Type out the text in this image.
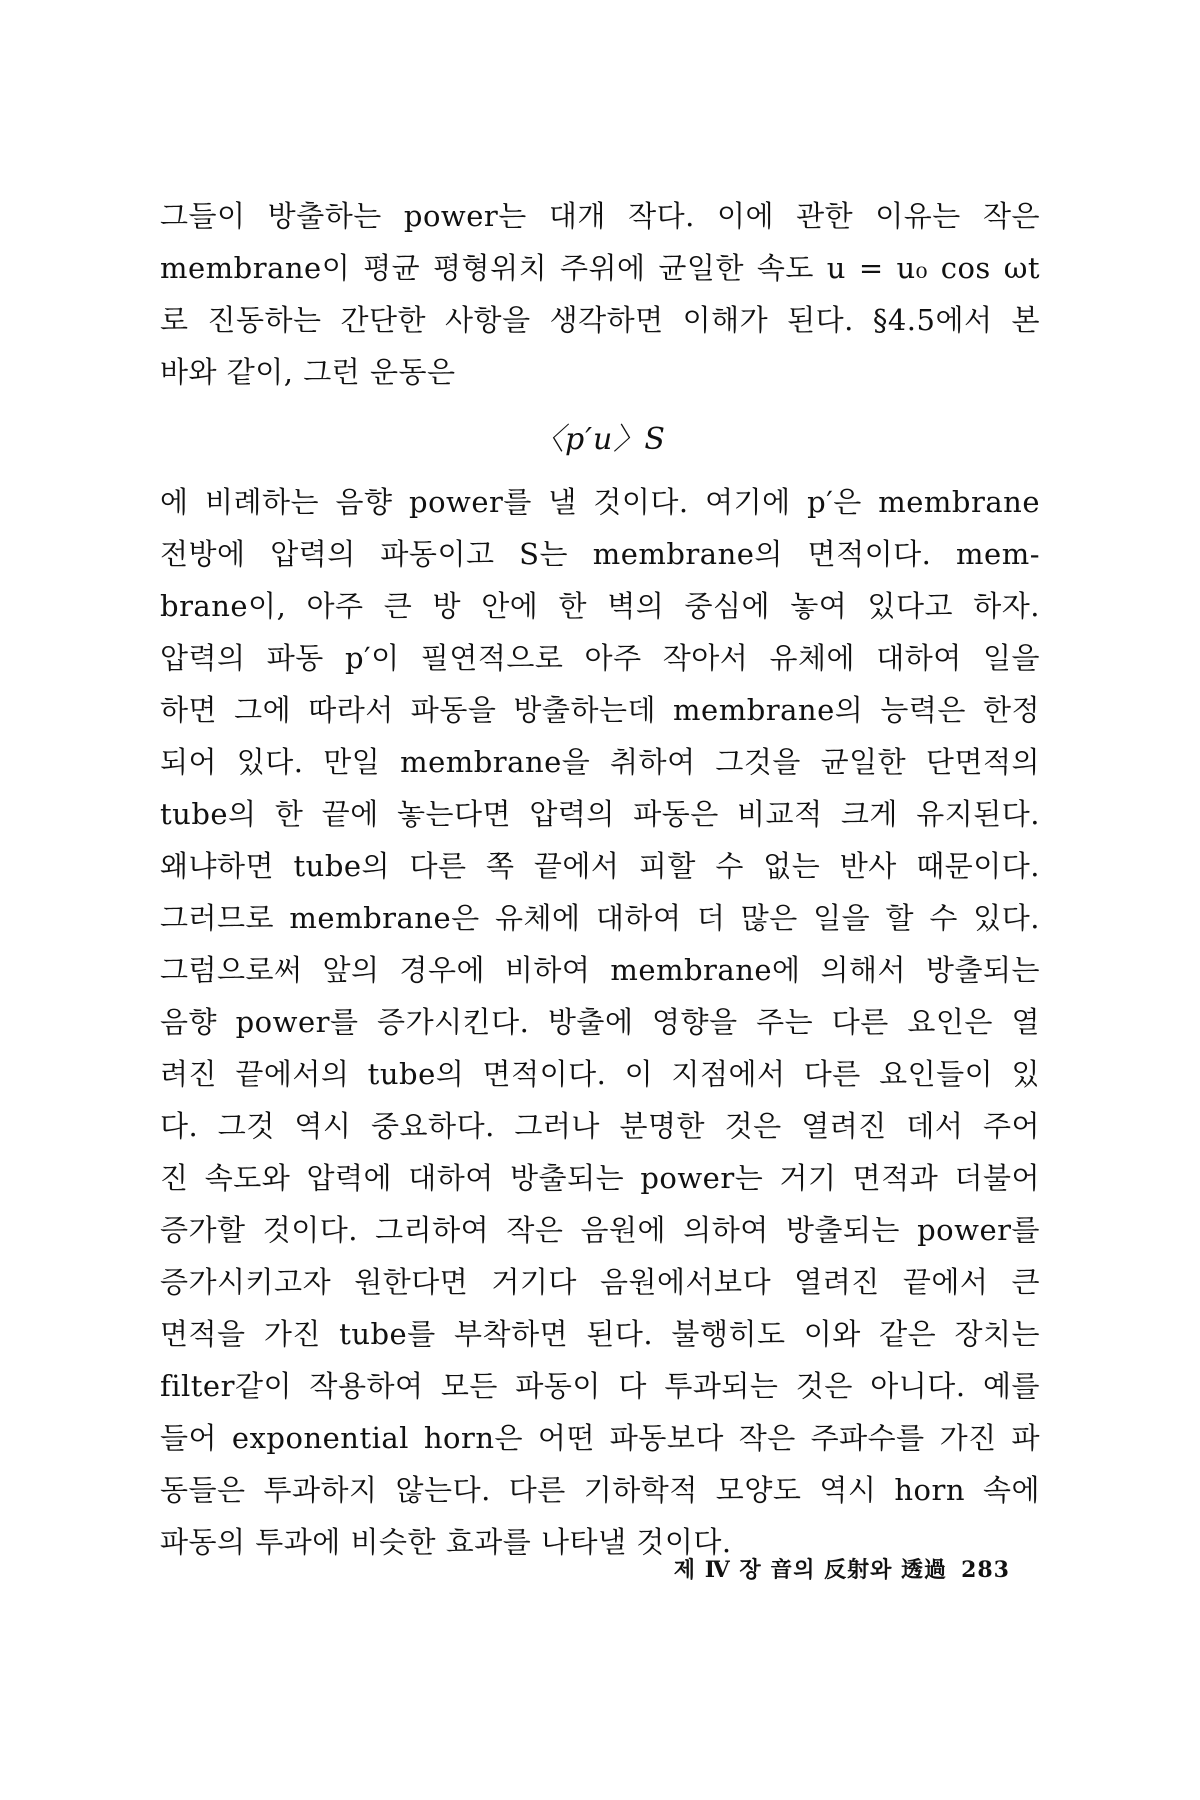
그들이 방출하는 power는 대개 작다. 이에 관한 이유는 작은
membrane이 평균 평형위치 주위에 균일한 속도 u = u₀ cos ωt
로 진동하는 간단한 사항을 생각하면 이해가 된다. §4.5에서 본
바와 같이, 그런 운동은
〈p′u〉S
에 비례하는 음향 power를 낼 것이다. 여기에 p′은 membrane
전방에 압력의 파동이고 S는 membrane의 면적이다. mem-
brane이, 아주 큰 방 안에 한 벽의 중심에 놓여 있다고 하자.
압력의 파동 p′이 필연적으로 아주 작아서 유체에 대하여 일을
하면 그에 따라서 파동을 방출하는데 membrane의 능력은 한정
되어 있다. 만일 membrane을 취하여 그것을 균일한 단면적의
tube의 한 끝에 놓는다면 압력의 파동은 비교적 크게 유지된다.
왜냐하면 tube의 다른 쪽 끝에서 피할 수 없는 반사 때문이다.
그러므로 membrane은 유체에 대하여 더 많은 일을 할 수 있다.
그럼으로써 앞의 경우에 비하여 membrane에 의해서 방출되는
음향 power를 증가시킨다. 방출에 영향을 주는 다른 요인은 열
려진 끝에서의 tube의 면적이다. 이 지점에서 다른 요인들이 있
다. 그것 역시 중요하다. 그러나 분명한 것은 열려진 데서 주어
진 속도와 압력에 대하여 방출되는 power는 거기 면적과 더불어
증가할 것이다. 그리하여 작은 음원에 의하여 방출되는 power를
증가시키고자 원한다면 거기다 음원에서보다 열려진 끝에서 큰
면적을 가진 tube를 부착하면 된다. 불행히도 이와 같은 장치는
filter같이 작용하여 모든 파동이 다 투과되는 것은 아니다. 예를
들어 exponential horn은 어떤 파동보다 작은 주파수를 가진 파
동들은 투과하지 않는다. 다른 기하학적 모양도 역시 horn 속에
파동의 투과에 비슷한 효과를 나타낼 것이다.
제 Ⅳ 장 音의 反射와 透過 283
